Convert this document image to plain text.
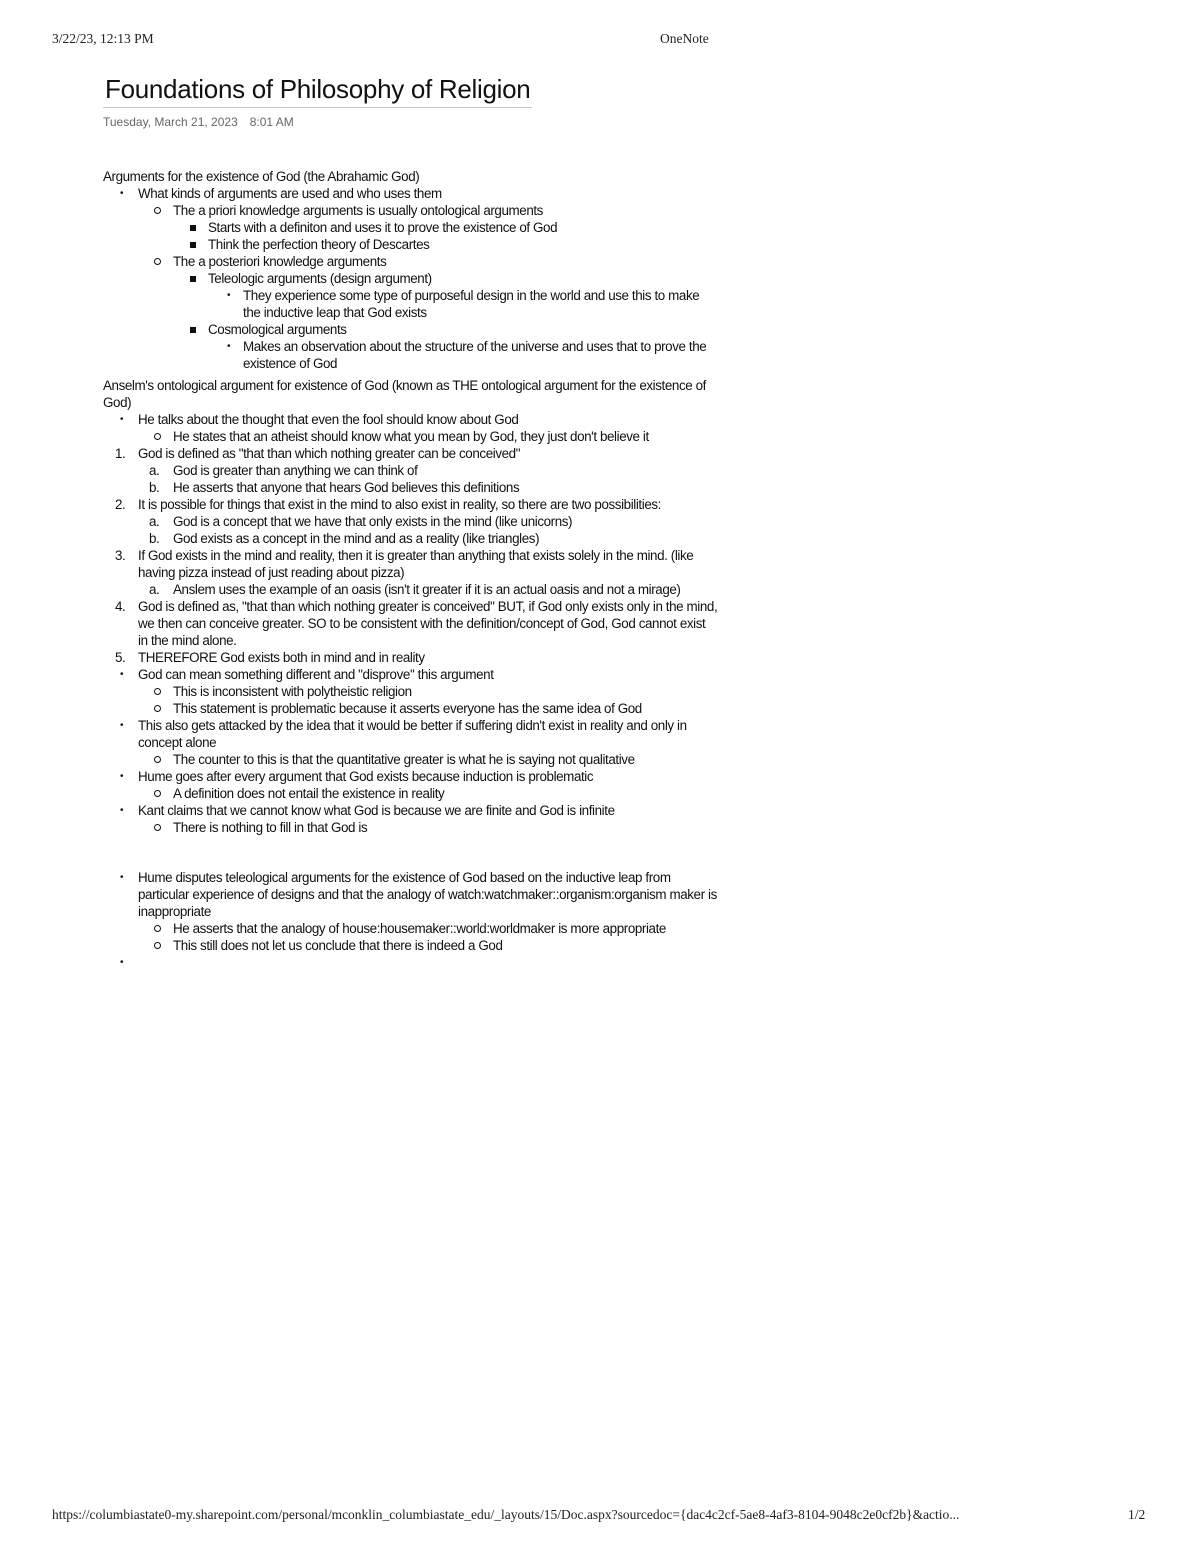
3/22/23, 12:13 PM	OneNote
Foundations of Philosophy of Religion
Tuesday, March 21, 2023 8:01 AM

Arguments for the existence of God (the Abrahamic God)

• What kinds of arguments are used and who uses them
The a priori knowledge arguments is usually ontological arguments
Starts with a definiton and uses it to prove the existence of God
Think the perfection theory of Descartes
The a posteriori knowledge arguments
Teleologic arguments (design argument)
• They experience some type of purposeful design in the world and use this to make the inductive leap that God exists
Cosmological arguments
• Makes an observation about the structure of the universe and uses that to prove the existence of God

Anselm's ontological argument for existence of God (known as THE ontological argument for the existence of God)

• He talks about the thought that even the fool should know about God
He states that an atheist should know what you mean by God, they just don't believe it
1. God is defined as "that than which nothing greater can be conceived"
a. God is greater than anything we can think of
b. He asserts that anyone that hears God believes this definitions
2. It is possible for things that exist in the mind to also exist in reality, so there are two possibilities:
a. God is a concept that we have that only exists in the mind (like unicorns)
b. God exists as a concept in the mind and as a reality (like triangles)
3. If God exists in the mind and reality, then it is greater than anything that exists solely in the mind. (like having pizza instead of just reading about pizza)
a. Anslem uses the example of an oasis (isn't it greater if it is an actual oasis and not a mirage)
4. God is defined as, "that than which nothing greater is conceived" BUT, if God only exists only in the mind, we then can conceive greater. SO to be consistent with the definition/concept of God, God cannot exist in the mind alone.
5. THEREFORE God exists both in mind and in reality
• God can mean something different and "disprove" this argument
This is inconsistent with polytheistic religion
This statement is problematic because it asserts everyone has the same idea of God
• This also gets attacked by the idea that it would be better if suffering didn't exist in reality and only in concept alone
The counter to this is that the quantitative greater is what he is saying not qualitative
• Hume goes after every argument that God exists because induction is problematic
A definition does not entail the existence in reality
• Kant claims that we cannot know what God is because we are finite and God is infinite
There is nothing to fill in that God is
• Hume disputes teleological arguments for the existence of God based on the inductive leap from particular experience of designs and that the analogy of watch:watchmaker::organism:organism maker is inappropriate
He asserts that the analogy of house:housemaker::world:worldmaker is more appropriate
This still does not let us conclude that there is indeed a God
•
https://columbiastate0-my.sharepoint.com/personal/mconklin_columbiastate_edu/_layouts/15/Doc.aspx?sourcedoc={dac4c2cf-5ae8-4af3-8104-9048c2e0cf2b}&actio...	1/2
